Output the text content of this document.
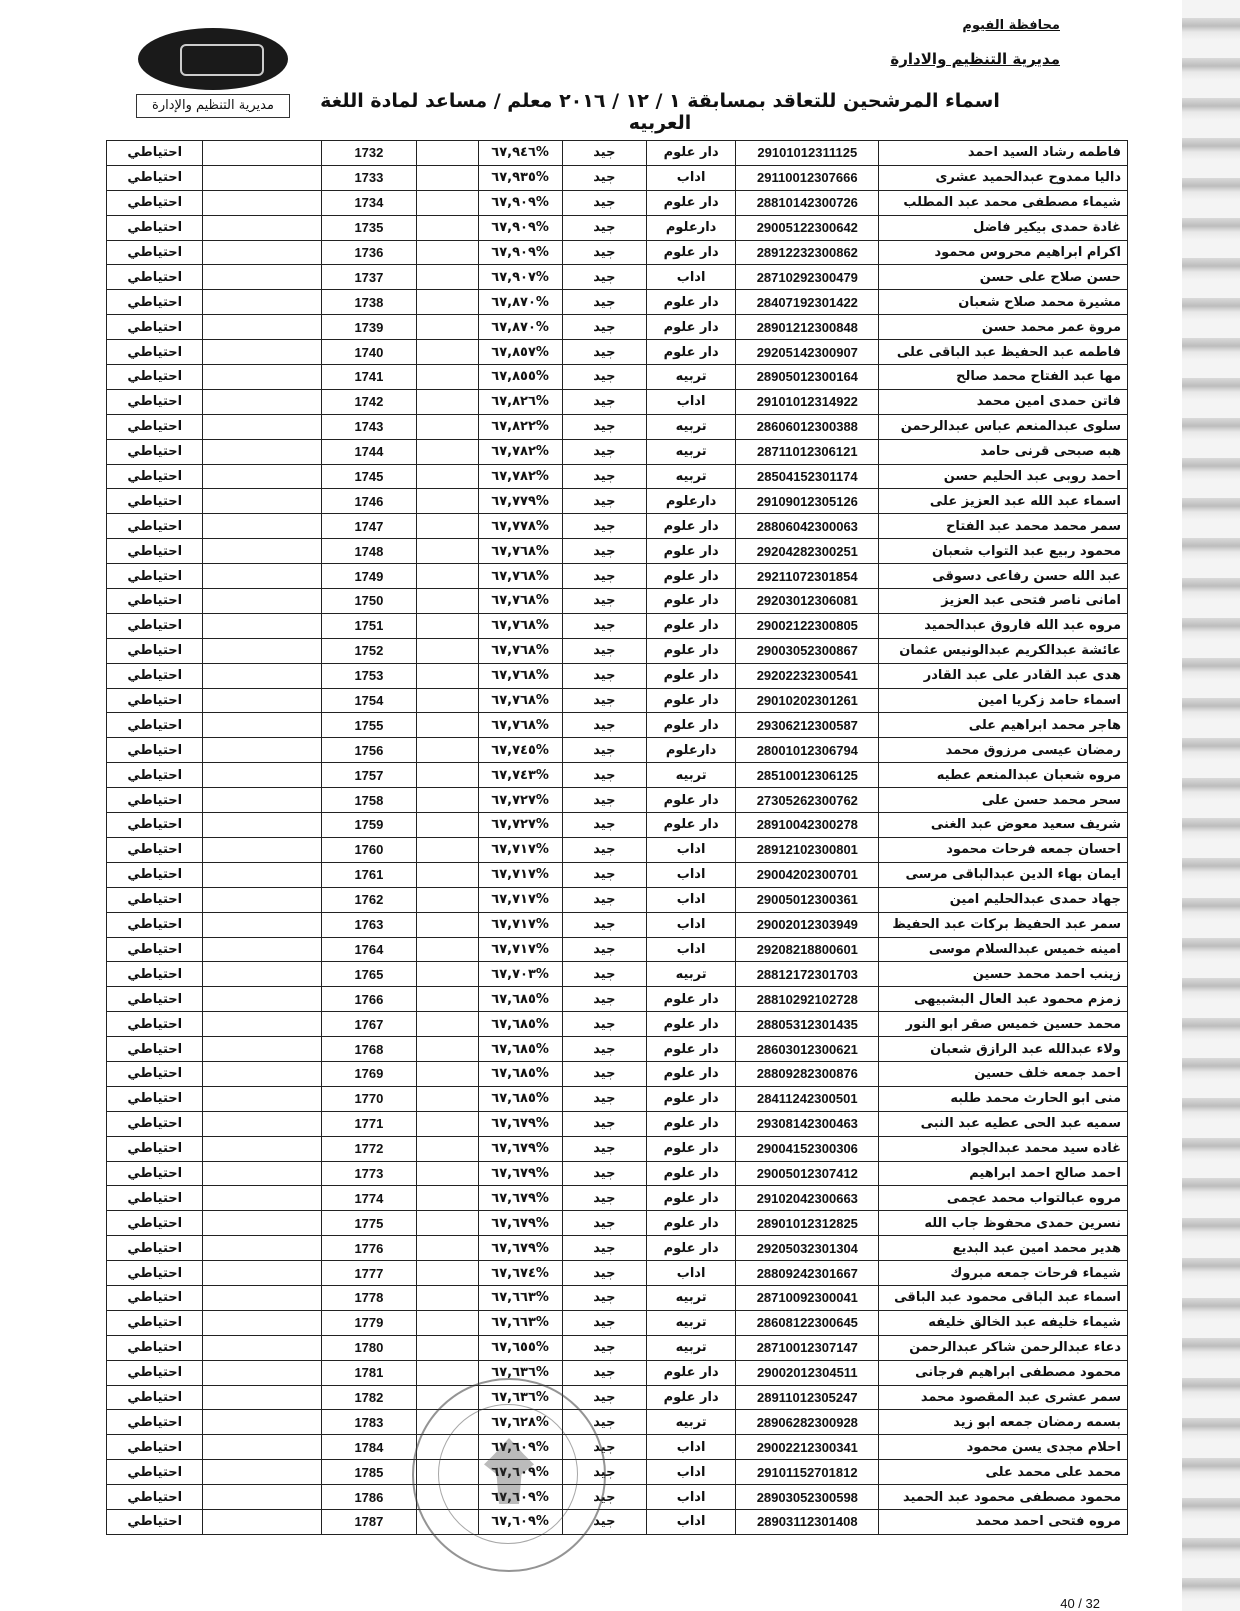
محافظة الفيوم
مديرية التنظيم والادارة
مديرية التنظيم والإدارة	اسماء المرشحين للتعاقد بمسابقة ١ / ١٢ / ٢٠١٦ معلم / مساعد لمادة اللغة العربيه
فاطمه رشاد السيد احمد	29101012311125	دار علوم	جيد	%٦٧,٩٤٦		1732		احتياطي
داليا ممدوح عبدالحميد عشرى	29110012307666	اداب	جيد	%٦٧,٩٣٥		1733		احتياطي
شيماء مصطفى محمد عبد المطلب	28810142300726	دار علوم	جيد	%٦٧,٩٠٩		1734		احتياطي
غادة حمدى بيكير فاضل	29005122300642	دارعلوم	جيد	%٦٧,٩٠٩		1735		احتياطي
اكرام ابراهيم محروس محمود	28912232300862	دار علوم	جيد	%٦٧,٩٠٩		1736		احتياطي
حسن صلاح على حسن	28710292300479	اداب	جيد	%٦٧,٩٠٧		1737		احتياطي
مشيرة محمد صلاح شعبان	28407192301422	دار علوم	جيد	%٦٧,٨٧٠		1738		احتياطي
مروة عمر محمد حسن	28901212300848	دار علوم	جيد	%٦٧,٨٧٠		1739		احتياطي
فاطمه عبد الحفيظ عبد الباقى على	29205142300907	دار علوم	جيد	%٦٧,٨٥٧		1740		احتياطي
مها عبد الفتاح محمد صالح	28905012300164	تربيه	جيد	%٦٧,٨٥٥		1741		احتياطي
فاتن حمدى امين محمد	29101012314922	اداب	جيد	%٦٧,٨٢٦		1742		احتياطي
سلوى عبدالمنعم عباس عبدالرحمن	28606012300388	تربيه	جيد	%٦٧,٨٢٢		1743		احتياطي
هبه صبحى قرنى حامد	28711012306121	تربيه	جيد	%٦٧,٧٨٢		1744		احتياطي
احمد روبى عبد الحليم حسن	28504152301174	تربيه	جيد	%٦٧,٧٨٢		1745		احتياطي
اسماء عبد الله عبد العزيز على	29109012305126	دارعلوم	جيد	%٦٧,٧٧٩		1746		احتياطي
سمر محمد محمد عبد الفتاح	28806042300063	دار علوم	جيد	%٦٧,٧٧٨		1747		احتياطي
محمود ربيع عبد التواب شعبان	29204282300251	دار علوم	جيد	%٦٧,٧٦٨		1748		احتياطي
عبد الله حسن رفاعى دسوقى	29211072301854	دار علوم	جيد	%٦٧,٧٦٨		1749		احتياطي
امانى ناصر فتحى عبد العزيز	29203012306081	دار علوم	جيد	%٦٧,٧٦٨		1750		احتياطي
مروه عبد الله فاروق عبدالحميد	29002122300805	دار علوم	جيد	%٦٧,٧٦٨		1751		احتياطي
عائشة عبدالكريم عبدالونيس عثمان	29003052300867	دار علوم	جيد	%٦٧,٧٦٨		1752		احتياطي
هدى عبد القادر على عبد القادر	29202232300541	دار علوم	جيد	%٦٧,٧٦٨		1753		احتياطي
اسماء حامد زكريا امين	29010202301261	دار علوم	جيد	%٦٧,٧٦٨		1754		احتياطي
هاجر محمد ابراهيم على	29306212300587	دار علوم	جيد	%٦٧,٧٦٨		1755		احتياطي
رمضان عيسى مرزوق محمد	28001012306794	دارعلوم	جيد	%٦٧,٧٤٥		1756		احتياطي
مروه شعبان عبدالمنعم عطيه	28510012306125	تربيه	جيد	%٦٧,٧٤٣		1757		احتياطي
سحر محمد حسن على	27305262300762	دار علوم	جيد	%٦٧,٧٢٧		1758		احتياطي
شريف سعيد معوض عبد الغنى	28910042300278	دار علوم	جيد	%٦٧,٧٢٧		1759		احتياطي
احسان جمعه فرحات محمود	28912102300801	اداب	جيد	%٦٧,٧١٧		1760		احتياطي
ايمان بهاء الدين عبدالباقى مرسى	29004202300701	اداب	جيد	%٦٧,٧١٧		1761		احتياطي
جهاد حمدى عبدالحليم امين	29005012300361	اداب	جيد	%٦٧,٧١٧		1762		احتياطي
سمر عبد الحفيظ بركات عبد الحفيظ	29002012303949	اداب	جيد	%٦٧,٧١٧		1763		احتياطي
امينه خميس عبدالسلام موسى	29208218800601	اداب	جيد	%٦٧,٧١٧		1764		احتياطي
زينب احمد محمد حسين	28812172301703	تربيه	جيد	%٦٧,٧٠٣		1765		احتياطي
زمزم محمود عبد العال البشبيهى	28810292102728	دار علوم	جيد	%٦٧,٦٨٥		1766		احتياطي
محمد حسين خميس صقر ابو النور	28805312301435	دار علوم	جيد	%٦٧,٦٨٥		1767		احتياطي
ولاء عبدالله عبد الرازق شعبان	28603012300621	دار علوم	جيد	%٦٧,٦٨٥		1768		احتياطي
احمد جمعه خلف حسين	28809282300876	دار علوم	جيد	%٦٧,٦٨٥		1769		احتياطي
منى ابو الحارث محمد طلبه	28411242300501	دار علوم	جيد	%٦٧,٦٨٥		1770		احتياطي
سميه عبد الحى عطيه عبد النبى	29308142300463	دار علوم	جيد	%٦٧,٦٧٩		1771		احتياطي
غاده سيد محمد عبدالجواد	29004152300306	دار علوم	جيد	%٦٧,٦٧٩		1772		احتياطي
احمد صالح احمد ابراهيم	29005012307412	دار علوم	جيد	%٦٧,٦٧٩		1773		احتياطي
مروه عبالتواب محمد عجمى	29102042300663	دار علوم	جيد	%٦٧,٦٧٩		1774		احتياطي
نسرين حمدى محفوظ جاب الله	28901012312825	دار علوم	جيد	%٦٧,٦٧٩		1775		احتياطي
هدير محمد امين عبد البديع	29205032301304	دار علوم	جيد	%٦٧,٦٧٩		1776		احتياطي
شيماء فرحات جمعه مبروك	28809242301667	اداب	جيد	%٦٧,٦٧٤		1777		احتياطي
اسماء عبد الباقى محمود عبد الباقى	28710092300041	تربيه	جيد	%٦٧,٦٦٣		1778		احتياطي
شيماء خليفه عبد الخالق خليفه	28608122300645	تربيه	جيد	%٦٧,٦٦٣		1779		احتياطي
دعاء عبدالرحمن شاكر عبدالرحمن	28710012307147	تربيه	جيد	%٦٧,٦٥٥		1780		احتياطي
محمود مصطفى ابراهيم فرجانى	29002012304511	دار علوم	جيد	%٦٧,٦٣٦		1781		احتياطي
سمر عشرى عبد المقصود محمد	28911012305247	دار علوم	جيد	%٦٧,٦٣٦		1782		احتياطي
بسمه رمضان جمعه ابو زيد	28906282300928	تربيه	جيد	%٦٧,٦٢٨		1783		احتياطي
احلام مجدى يسن محمود	29002212300341	اداب	جيد	%٦٧,٦٠٩		1784		احتياطي
محمد على محمد على	29101152701812	اداب	جيد	%٦٧,٦٠٩		1785		احتياطي
محمود مصطفى محمود عبد الحميد	28903052300598	اداب	جيد	%٦٧,٦٠٩		1786		احتياطي
مروه فتحى احمد محمد	28903112301408	اداب	جيد	%٦٧,٦٠٩		1787		احتياطي
40 / 32
